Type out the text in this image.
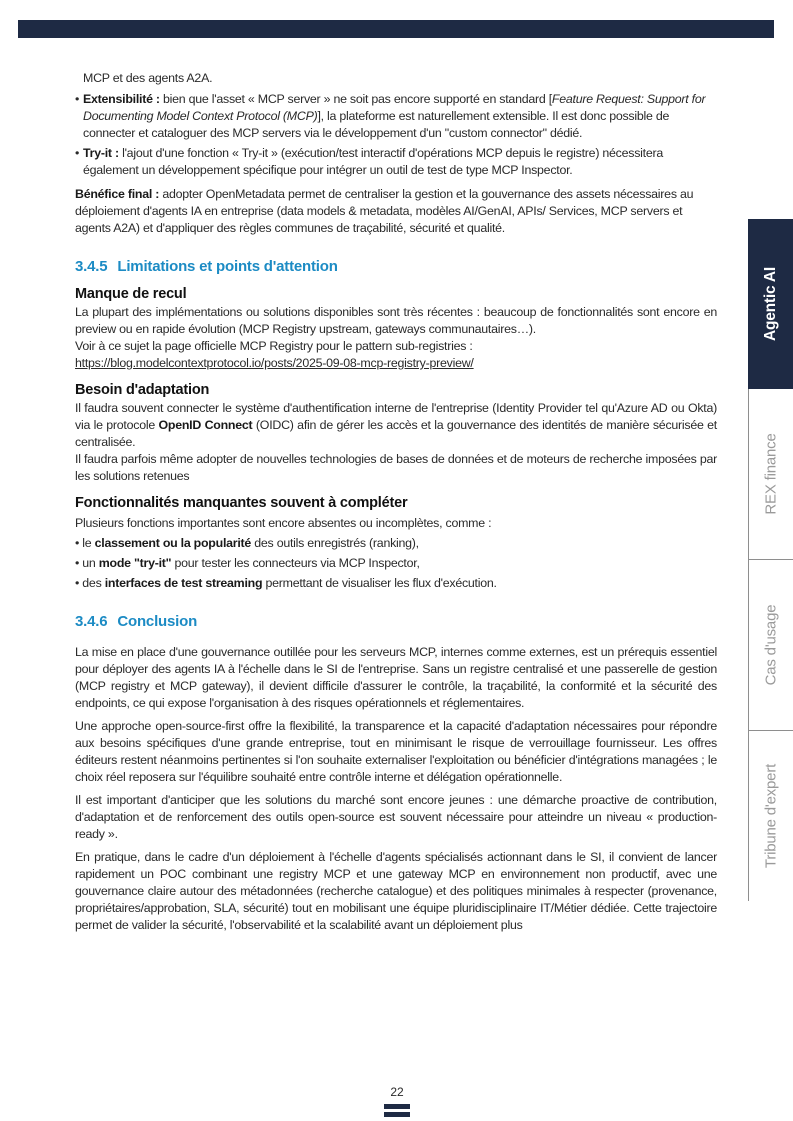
MCP et des agents A2A.

• Extensibilité : bien que l'asset « MCP server » ne soit pas encore supporté en standard [Feature Request: Support for Documenting Model Context Protocol (MCP)], la plateforme est naturellement extensible. Il est donc possible de connecter et cataloguer des MCP servers via le développement d'un "custom connector" dédié.
• Try-it : l'ajout d'une fonction « Try-it » (exécution/test interactif d'opérations MCP depuis le registre) nécessitera également un développement spécifique pour intégrer un outil de test de type MCP Inspector.

Bénéfice final : adopter OpenMetadata permet de centraliser la gestion et la gouvernance des assets nécessaires au déploiement d'agents IA en entreprise (data models & metadata, modèles AI/GenAI, APIs/ Services, MCP servers et agents A2A) et d'appliquer des règles communes de traçabilité, sécurité et qualité.

3.4.5 Limitations et points d'attention
Manque de recul

La plupart des implémentations ou solutions disponibles sont très récentes : beaucoup de fonctionnalités sont encore en preview ou en rapide évolution (MCP Registry upstream, gateways communautaires…).

Voir à ce sujet la page officielle MCP Registry pour le pattern sub-registries :

https://blog.modelcontextprotocol.io/posts/2025-09-08-mcp-registry-preview/

Besoin d'adaptation

Il faudra souvent connecter le système d'authentification interne de l'entreprise (Identity Provider tel qu'Azure AD ou Okta) via le protocole OpenID Connect (OIDC) afin de gérer les accès et la gouvernance des identités de manière sécurisée et centralisée.

Il faudra parfois même adopter de nouvelles technologies de bases de données et de moteurs de recherche imposées par les solutions retenues

Fonctionnalités manquantes souvent à compléter

Plusieurs fonctions importantes sont encore absentes ou incomplètes, comme :

• le classement ou la popularité des outils enregistrés (ranking),

• un mode "try-it" pour tester les connecteurs via MCP Inspector,

• des interfaces de test streaming permettant de visualiser les flux d'exécution.

3.4.6 Conclusion

La mise en place d'une gouvernance outillée pour les serveurs MCP, internes comme externes, est un prérequis essentiel pour déployer des agents IA à l'échelle dans le SI de l'entreprise. Sans un registre centralisé et une passerelle de gestion (MCP registry et MCP gateway), il devient difficile d'assurer le contrôle, la traçabilité, la conformité et la sécurité des endpoints, ce qui expose l'organisation à des risques opérationnels et réglementaires.

Une approche open-source-first offre la flexibilité, la transparence et la capacité d'adaptation nécessaires pour répondre aux besoins spécifiques d'une grande entreprise, tout en minimisant le risque de verrouillage fournisseur. Les offres éditeurs restent néanmoins pertinentes si l'on souhaite externaliser l'exploitation ou bénéficier d'intégrations managées ; le choix réel reposera sur l'équilibre souhaité entre contrôle interne et délégation opérationnelle.

Il est important d'anticiper que les solutions du marché sont encore jeunes : une démarche proactive de contribution, d'adaptation et de renforcement des outils open-source est souvent nécessaire pour atteindre un niveau « production-ready ».

En pratique, dans le cadre d'un déploiement à l'échelle d'agents spécialisés actionnant dans le SI, il convient de lancer rapidement un POC combinant une registry MCP et une gateway MCP en environnement non productif, avec une gouvernance claire autour des métadonnées (recherche catalogue) et des politiques minimales à respecter (provenance, propriétaires/approbation, SLA, sécurité) tout en mobilisant une équipe pluridisciplinaire IT/Métier dédiée. Cette trajectoire permet de valider la sécurité, l'observabilité et la scalabilité avant un déploiement plus

Agentic AI
REX finance
Cas d'usage
Tribune d'expert
22
